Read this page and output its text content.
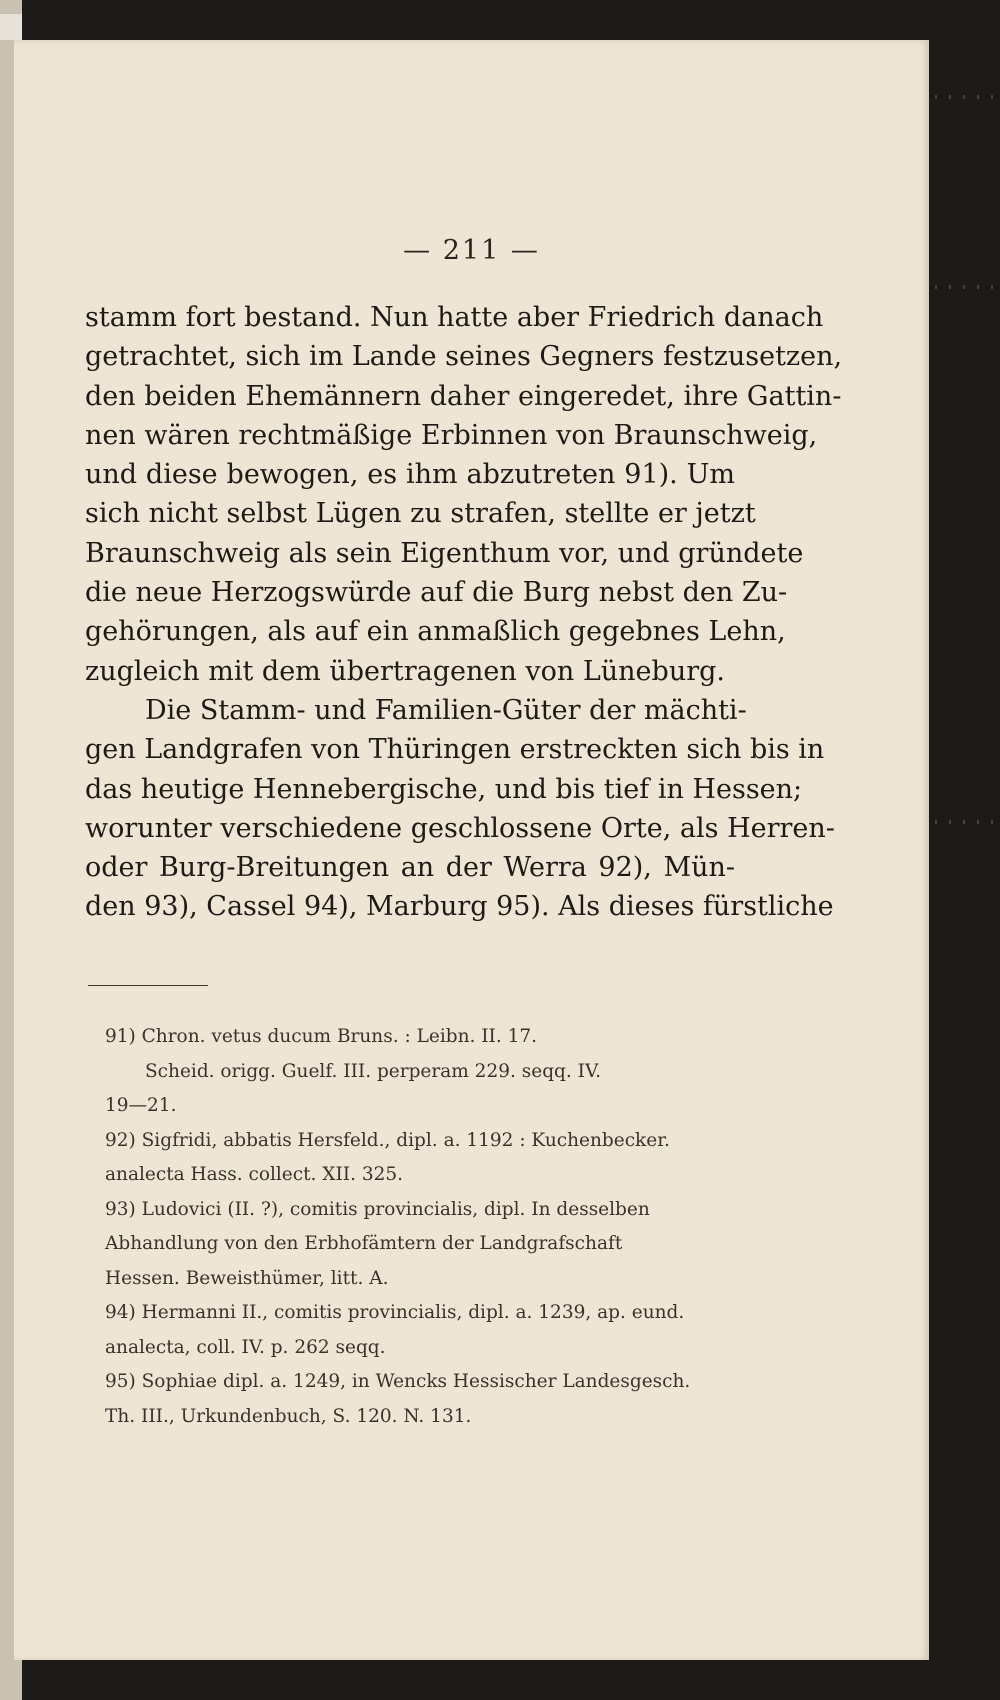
— 211 —
stamm fort bestand. Nun hatte aber Friedrich danach
getrachtet, sich im Lande seines Gegners festzusetzen,
den beiden Ehemännern daher eingeredet, ihre Gattin-
nen wären rechtmäßige Erbinnen von Braunschweig,
und diese bewogen, es ihm abzutreten 91). Um
sich nicht selbst Lügen zu strafen, stellte er jetzt
Braunschweig als sein Eigenthum vor, und gründete
die neue Herzogswürde auf die Burg nebst den Zu-
gehörungen, als auf ein anmaßlich gegebnes Lehn,
zugleich mit dem übertragenen von Lüneburg.
Die Stamm- und Familien-Güter der mächti-
gen Landgrafen von Thüringen erstreckten sich bis in
das heutige Hennebergische, und bis tief in Hessen;
worunter verschiedene geschlossene Orte, als Herren-
oder Burg-Breitungen an der Werra 92), Mün-
den 93), Cassel 94), Marburg 95). Als dieses fürstliche
91) Chron. vetus ducum Bruns. : Leibn. II. 17.
Scheid. origg. Guelf. III. perperam 229. seqq. IV.
19—21.
92) Sigfridi, abbatis Hersfeld., dipl. a. 1192 : Kuchenbecker.
analecta Hass. collect. XII. 325.
93) Ludovici (II. ?), comitis provincialis, dipl. In desselben
Abhandlung von den Erbhofämtern der Landgrafschaft
Hessen. Beweisthümer, litt. A.
94) Hermanni II., comitis provincialis, dipl. a. 1239, ap. eund.
analecta, coll. IV. p. 262 seqq.
95) Sophiae dipl. a. 1249, in Wencks Hessischer Landesgesch.
Th. III., Urkundenbuch, S. 120. N. 131.
